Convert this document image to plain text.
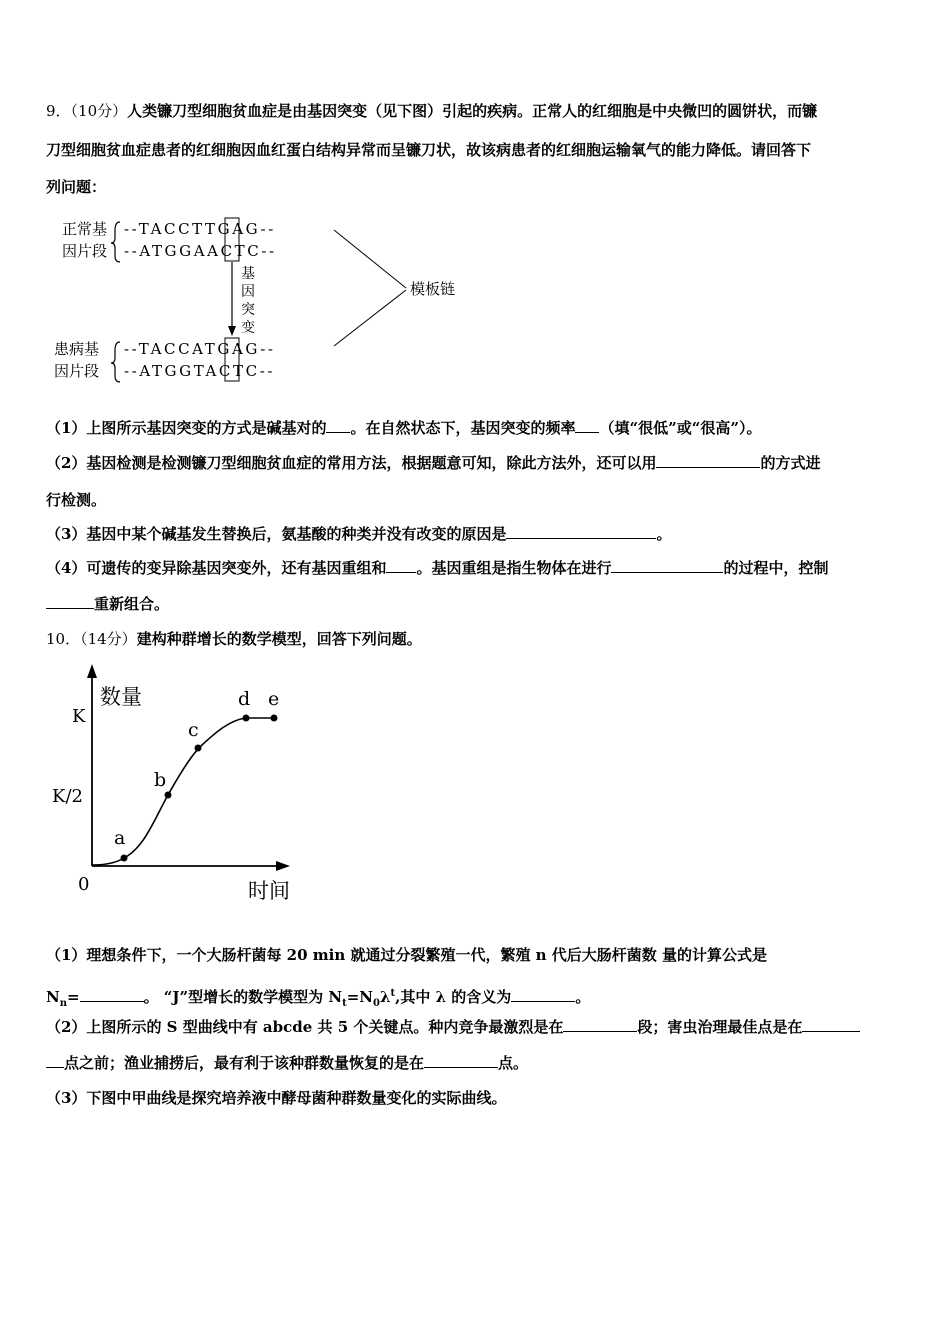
9．（10分）人类镰刀型细胞贫血症是由基因突变（见下图）引起的疾病。正常人的红细胞是中央微凹的圆饼状，而镰
刀型细胞贫血症患者的红细胞因血红蛋白结构异常而呈镰刀状，故该病患者的红细胞运输氧气的能力降低。请回答下
列问题：
正常基
因片段
--TACCTTGAG--
--ATGGAACTC--
基
因
突
变
模板链
患病基
因片段
--TACCATGAG--
--ATGGTACTC--
（1）上图所示基因突变的方式是碱基对的 。在自然状态下，基因突变的频率 （填“很低”或“很高”）。
（2）基因检测是检测镰刀型细胞贫血症的常用方法，根据题意可知，除此方法外，还可以用	的方式进
行检测。
（3）基因中某个碱基发生替换后，氨基酸的种类并没有改变的原因是	。
（4）可遗传的变异除基因突变外，还有基因重组和 。基因重组是指生物体在进行	的过程中，控制
重新组合。
10．（14分）建构种群增长的数学模型，回答下列问题。
数量
K
K/2
0	时间
a
b
c
d e
（1）理想条件下，一个大肠杆菌每 20 min 就通过分裂繁殖一代，繁殖 n 代后大肠杆菌数 量的计算公式是
$N_n=$	。 “J”型增长的数学模型为 $N_t=N_0\lambda^t$,其中 λ 的含义为	。
（2）上图所示的 S 型曲线中有 abcde 共 5 个关键点。种内竞争最激烈是在	段；害虫治理最佳点是在
点之前；渔业捕捞后，最有利于该种群数量恢复的是在	点。
（3）下图中甲曲线是探究培养液中酵母菌种群数量变化的实际曲线。
